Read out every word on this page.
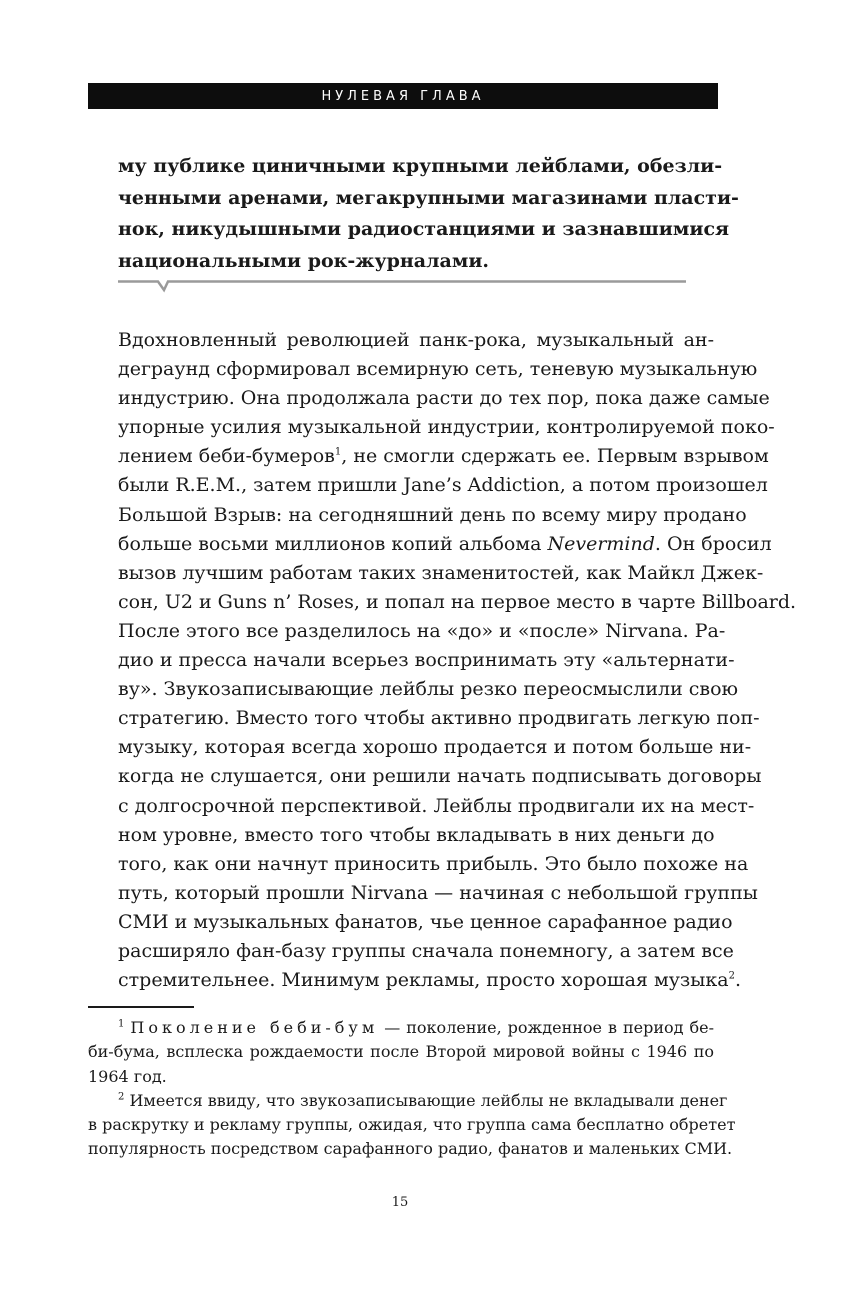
НУЛЕВАЯ ГЛАВА

му публике циничными крупными лейблами, обезли-
ченными аренами, мегакрупными магазинами пласти-
нок, никудышными радиостанциями и зазнавшимися
национальными рок-журналами.

Вдохновленный революцией панк-рока, музыкальный ан-
деграунд сформировал всемирную сеть, теневую музыкальную
индустрию. Она продолжала расти до тех пор, пока даже самые
упорные усилия музыкальной индустрии, контролируемой поко-
лением беби-бумеров$^1$, не смогли сдержать ее. Первым взрывом
были R.E.M., затем пришли Jane’s Addiction, а потом произошел
Большой Взрыв: на сегодняшний день по всему миру продано
больше восьми миллионов копий альбома Nevermind. Он бросил
вызов лучшим работам таких знаменитостей, как Майкл Джек-
сон, U2 и Guns n’ Roses, и попал на первое место в чарте Billboard.

После этого все разделилось на «до» и «после» Nirvana. Ра-
дио и пресса начали всерьез воспринимать эту «альтернати-
ву». Звукозаписывающие лейблы резко переосмыслили свою
стратегию. Вместо того чтобы активно продвигать легкую поп-
музыку, которая всегда хорошо продается и потом больше ни-
когда не слушается, они решили начать подписывать договоры
с долгосрочной перспективой. Лейблы продвигали их на мест-
ном уровне, вместо того чтобы вкладывать в них деньги до
того, как они начнут приносить прибыль. Это было похоже на
путь, который прошли Nirvana — начиная с небольшой группы
СМИ и музыкальных фанатов, чье ценное сарафанное радио
расширяло фан-базу группы сначала понемногу, а затем все
стремительнее. Минимум рекламы, просто хорошая музыка$^2$.

$^1$ Поколение беби-бум — поколение, рожденное в период бе-
би-бума, всплеска рождаемости после Второй мировой войны с 1946 по
1964 год.
$^2$ Имеется ввиду, что звукозаписывающие лейблы не вкладывали денег
в раскрутку и рекламу группы, ожидая, что группа сама бесплатно обретет
популярность посредством сарафанного радио, фанатов и маленьких СМИ.
15
